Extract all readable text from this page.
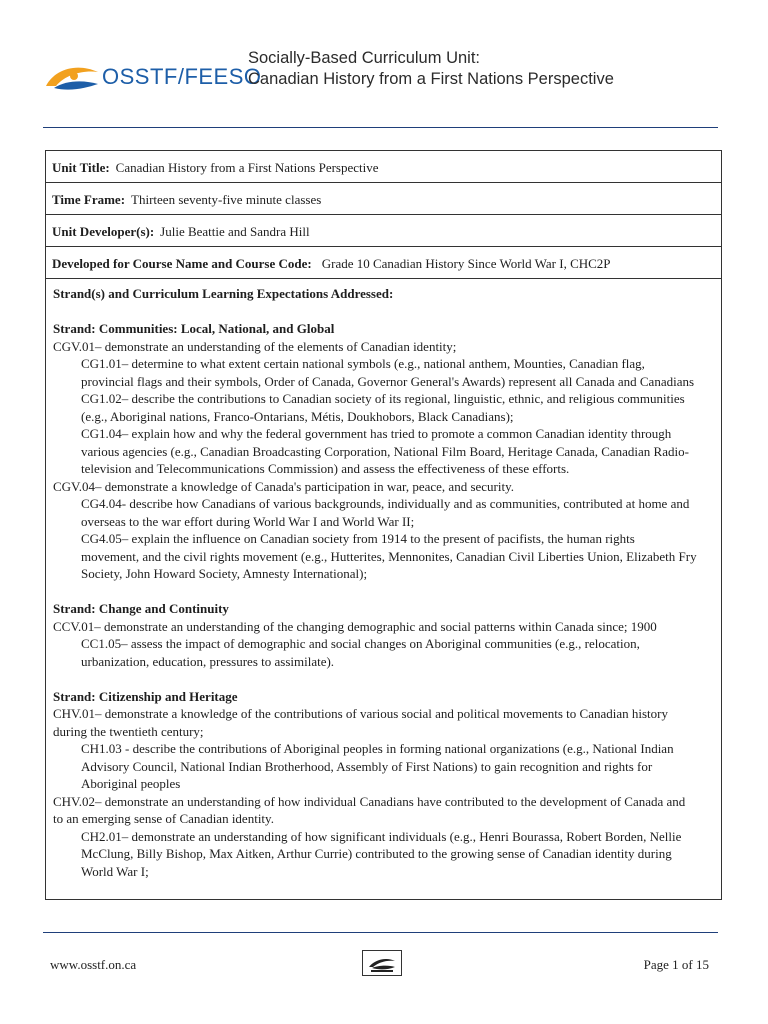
OSSTF/FEESO
Socially-Based Curriculum Unit:
Canadian History from a First Nations Perspective
Unit Title: Canadian History from a First Nations Perspective
Time Frame: Thirteen seventy-five minute classes
Unit Developer(s): Julie Beattie and Sandra Hill
Developed for Course Name and Course Code: Grade 10 Canadian History Since World War I, CHC2P
Strand(s) and Curriculum Learning Expectations Addressed:
Strand: Communities: Local, National, and Global
CGV.01– demonstrate an understanding of the elements of Canadian identity;
CG1.01– determine to what extent certain national symbols (e.g., national anthem, Mounties, Canadian flag,
provincial flags and their symbols, Order of Canada, Governor General's Awards) represent all Canada and Canadians
CG1.02– describe the contributions to Canadian society of its regional, linguistic, ethnic, and religious communities
(e.g., Aboriginal nations, Franco-Ontarians, Métis, Doukhobors, Black Canadians);
CG1.04– explain how and why the federal government has tried to promote a common Canadian identity through
various agencies (e.g., Canadian Broadcasting Corporation, National Film Board, Heritage Canada, Canadian Radio-
television and Telecommunications Commission) and assess the effectiveness of these efforts.
CGV.04– demonstrate a knowledge of Canada's participation in war, peace, and security.
CG4.04- describe how Canadians of various backgrounds, individually and as communities, contributed at home and
overseas to the war effort during World War I and World War II;
CG4.05– explain the influence on Canadian society from 1914 to the present of pacifists, the human rights
movement, and the civil rights movement (e.g., Hutterites, Mennonites, Canadian Civil Liberties Union, Elizabeth Fry
Society, John Howard Society, Amnesty International);
Strand: Change and Continuity
CCV.01– demonstrate an understanding of the changing demographic and social patterns within Canada since; 1900
CC1.05– assess the impact of demographic and social changes on Aboriginal communities (e.g., relocation,
urbanization, education, pressures to assimilate).
Strand: Citizenship and Heritage
CHV.01– demonstrate a knowledge of the contributions of various social and political movements to Canadian history
during the twentieth century;
CH1.03 - describe the contributions of Aboriginal peoples in forming national organizations (e.g., National Indian
Advisory Council, National Indian Brotherhood, Assembly of First Nations) to gain recognition and rights for
Aboriginal peoples
CHV.02– demonstrate an understanding of how individual Canadians have contributed to the development of Canada and
to an emerging sense of Canadian identity.
CH2.01– demonstrate an understanding of how significant individuals (e.g., Henri Bourassa, Robert Borden, Nellie
McClung, Billy Bishop, Max Aitken, Arthur Currie) contributed to the growing sense of Canadian identity during
World War I;
www.osstf.on.ca	Page 1 of 15
